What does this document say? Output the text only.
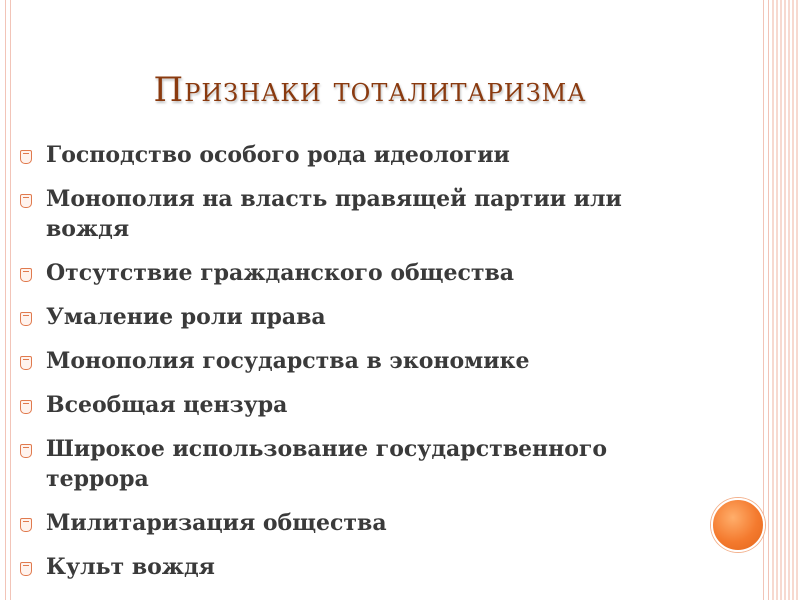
Признаки тоталитаризма
Господство особого рода идеологии
Монополия на власть правящей партии или вождя
Отсутствие гражданского общества
Умаление роли права
Монополия государства в экономике
Всеобщая цензура
Широкое использование государственного террора
Милитаризация общества
Культ вождя
